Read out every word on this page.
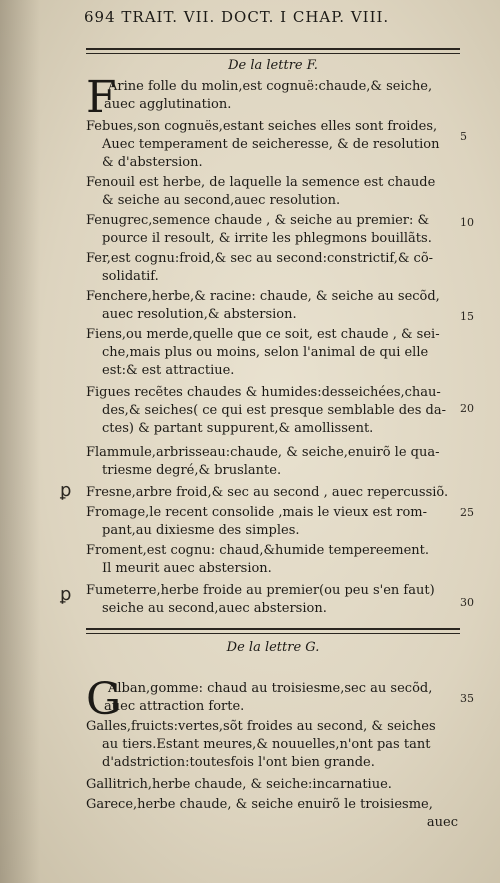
694 TRAIT. VII. DOCT. I CHAP. VIII.
De la lettre F.
F
Arine folle du molin,est cognuë:chaude,& seiche,
auec agglutination.
Febues,son cognuës,estant seiches elles sont froides,
Auec temperament de seicheresse, & de resolution
& d'abstersion.
Fenouil est herbe, de laquelle la semence est chaude
& seiche au second,auec resolution.
Fenugrec,semence chaude , & seiche au premier: &
pource il resoult, & irrite les phlegmons bouillãts.
Fer,est cognu:froid,& sec au second:constrictif,& cõ-
solidatif.
Fenchere,herbe,& racine: chaude, & seiche au secõd,
auec resolution,& abstersion.
Fiens,ou merde,quelle que ce soit, est chaude , & sei-
che,mais plus ou moins, selon l'animal de qui elle
est:& est attractiue.
Figues recẽtes chaudes & humides:desseichées,chau-
des,& seiches( ce qui est presque semblable des da-
ctes) & partant suppurent,& amollissent.
Flammule,arbrisseau:chaude, & seiche,enuirõ le qua-
triesme degré,& bruslante.
Fresne,arbre froid,& sec au second , auec repercussiõ.
Fromage,le recent consolide ,mais le vieux est rom-
pant,au dixiesme des simples.
Froment,est cognu: chaud,&humide tempereement.
Il meurit auec abstersion.
Fumeterre,herbe froide au premier(ou peu s'en faut)
seiche au second,auec abstersion.
De la lettre G.
G
Alban,gomme: chaud au troisiesme,sec au secõd,
auec attraction forte.
Galles,fruicts:vertes,sõt froides au second, & seiches
au tiers.Estant meures,& nouuelles,n'ont pas tant
d'adstriction:toutesfois l'ont bien grande.
Gallitrich,herbe chaude, & seiche:incarnatiue.
Garece,herbe chaude, & seiche enuirõ le troisiesme,
auec
5
10
15
20
25
30
35
ꝑ
ꝑ
